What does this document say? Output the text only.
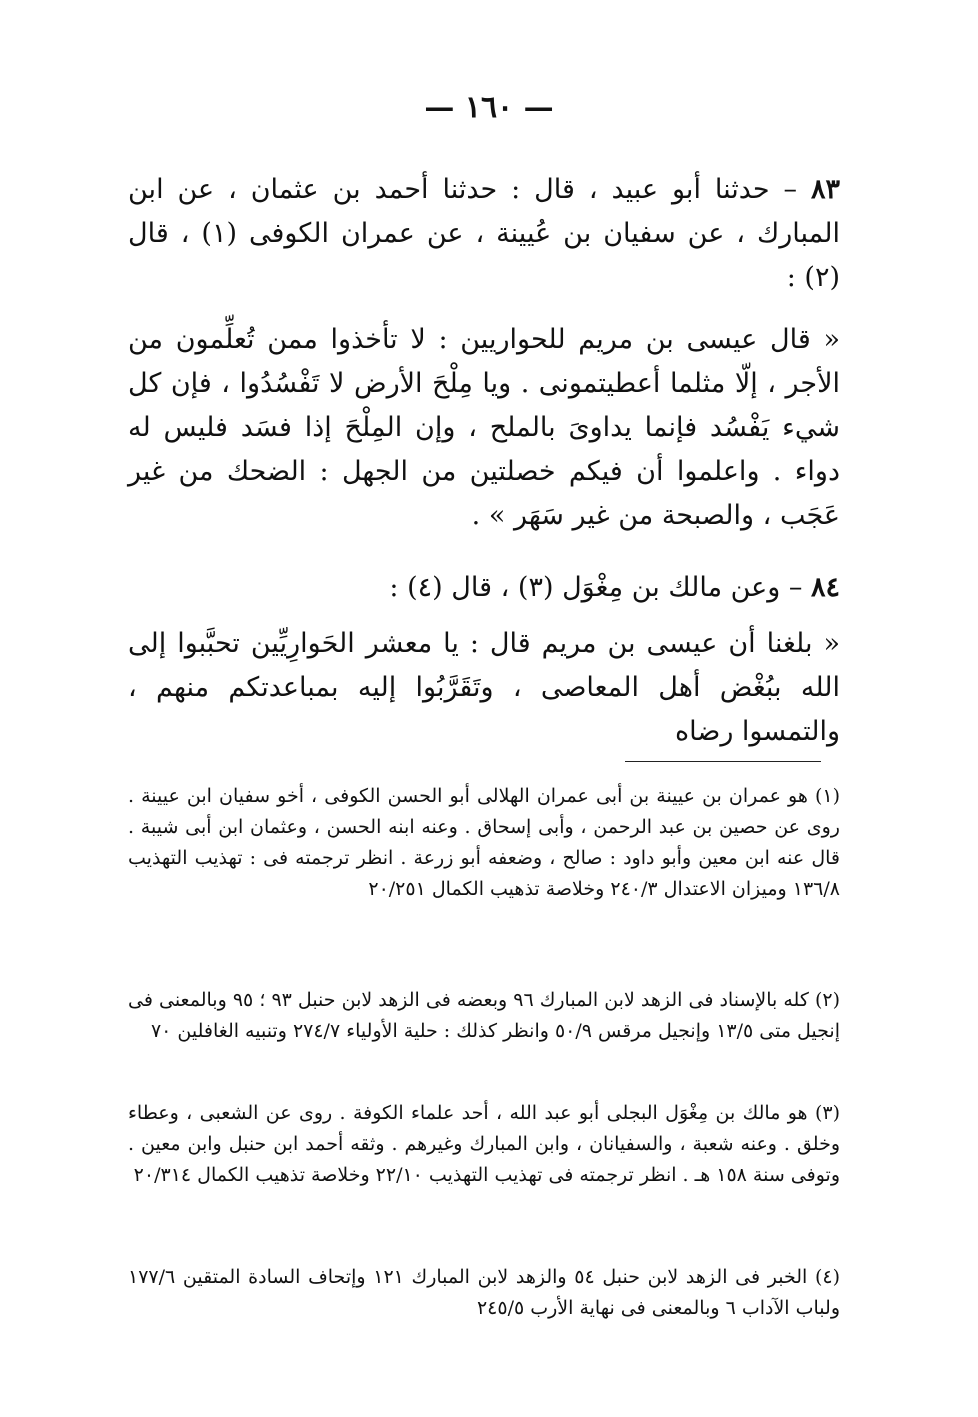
— ١٦٠ —
٨٣ – حدثنا أبو عبيد ، قال : حدثنا أحمد بن عثمان ، عن ابن المبارك ، عن سفيان بن عُيينة ، عن عمران الكوفى (١) ، قال (٢) :
« قال عيسى بن مريم للحواريين : لا تأخذوا ممن تُعلِّمون من الأجر ، إلّا مثلما أعطيتمونى . ويا مِلْحَ الأرض لا تَفْسُدُوا ، فإن كل شيء يَفْسُد فإنما يداوىَ بالملح ، وإن المِلْحَ إذا فسَد فليس له دواء . واعلموا أن فيكم خصلتين من الجهل : الضحك من غير عَجَب ، والصبحة من غير سَهَر » .
٨٤ – وعن مالك بن مِغْوَل (٣) ، قال (٤) :
« بلغنا أن عيسى بن مريم قال : يا معشر الحَوارِيِّين تحبَّبوا إلى الله ببُغْض أهل المعاصى ، وتَقَرَّبُوا إليه بمباعدتكم منهم ، والتمسوا رضاه
(١) هو عمران بن عيينة بن أبى عمران الهلالى أبو الحسن الكوفى ، أخو سفيان ابن عيينة . روى عن حصين بن عبد الرحمن ، وأبى إسحاق . وعنه ابنه الحسن ، وعثمان ابن أبى شيبة . قال عنه ابن معين وأبو داود : صالح ، وضعفه أبو زرعة . انظر ترجمته فى : تهذيب التهذيب ١٣٦/٨ وميزان الاعتدال ٢٤٠/٣ وخلاصة تذهيب الكمال ٢٠/٢٥١
(٢) كله بالإسناد فى الزهد لابن المبارك ٩٦ وبعضه فى الزهد لابن حنبل ٩٣ ؛ ٩٥ وبالمعنى فى إنجيل متى ١٣/٥ وإنجيل مرقس ٥٠/٩ وانظر كذلك : حلية الأولياء ٢٧٤/٧ وتنبيه الغافلين ٧٠
(٣) هو مالك بن مِغْوَل البجلى أبو عبد الله ، أحد علماء الكوفة . روى عن الشعبى ، وعطاء وخلق . وعنه شعبة ، والسفيانان ، وابن المبارك وغيرهم . وثقه أحمد ابن حنبل وابن معين . وتوفى سنة ١٥٨ هـ . انظر ترجمته فى تهذيب التهذيب ٢٢/١٠ وخلاصة تذهيب الكمال ٢٠/٣١٤
(٤) الخبر فى الزهد لابن حنبل ٥٤ والزهد لابن المبارك ١٢١ وإتحاف السادة المتقين ١٧٧/٦ ولباب الآداب ٦ وبالمعنى فى نهاية الأرب ٢٤٥/٥
